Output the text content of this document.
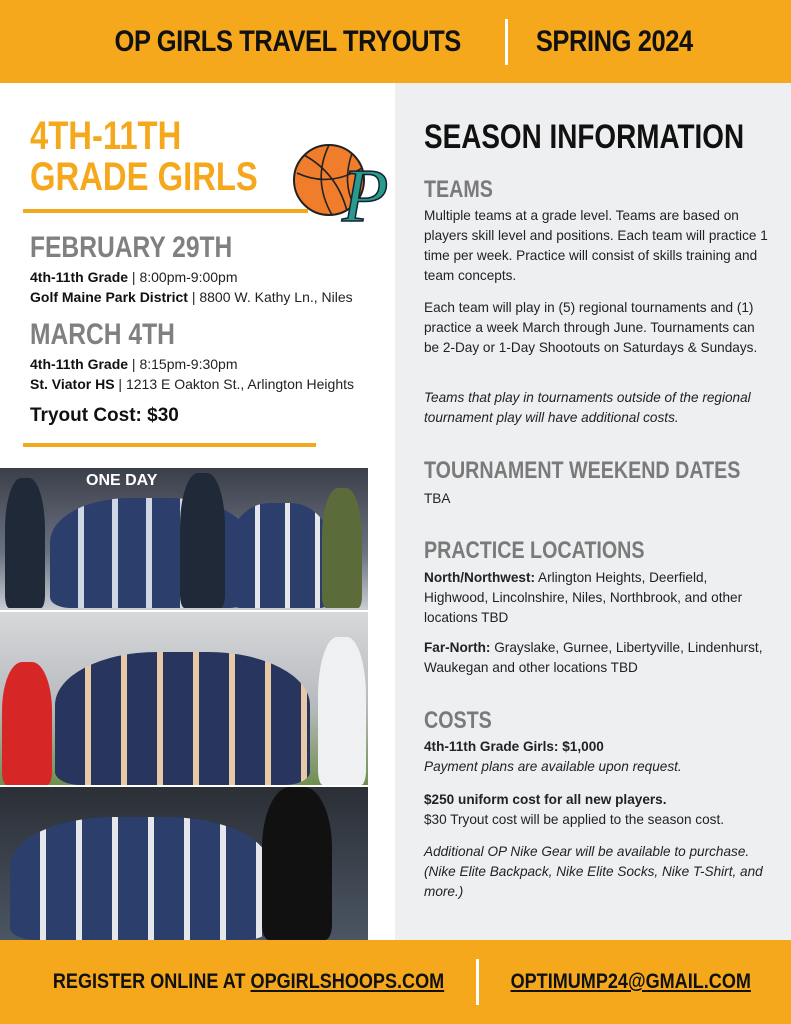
OP GIRLS TRAVEL TRYOUTS	SPRING 2024
4TH-11TH
GRADE GIRLS	P
FEBRUARY 29TH
4th-11th Grade | 8:00pm-9:00pm
Golf Maine Park District | 8800 W. Kathy Ln., Niles
MARCH 4TH
4th-11th Grade | 8:15pm-9:30pm
St. Viator HS | 1213 E Oakton St., Arlington Heights
Tryout Cost: $30
ONE DAY
SEASON INFORMATION
TEAMS
Multiple teams at a grade level. Teams are based on players skill level and positions. Each team will practice 1 time per week. Practice will consist of skills training and team concepts.
Each team will play in (5) regional tournaments and (1) practice a week March through June. Tournaments can be 2-Day or 1-Day Shootouts on Saturdays & Sundays.
Teams that play in tournaments outside of the regional tournament play will have additional costs.
TOURNAMENT WEEKEND DATES
TBA
PRACTICE LOCATIONS
North/Northwest: Arlington Heights, Deerfield, Highwood, Lincolnshire, Niles, Northbrook, and other locations TBD
Far-North: Grayslake, Gurnee, Libertyville, Lindenhurst, Waukegan and other locations TBD
COSTS
4th-11th Grade Girls: $1,000
Payment plans are available upon request.
$250 uniform cost for all new players.
$30 Tryout cost will be applied to the season cost.
Additional OP Nike Gear will be available to purchase. (Nike Elite Backpack, Nike Elite Socks, Nike T-Shirt, and more.)
REGISTER ONLINE AT OPGIRLSHOOPS.COM	OPTIMUMP24@GMAIL.COM
